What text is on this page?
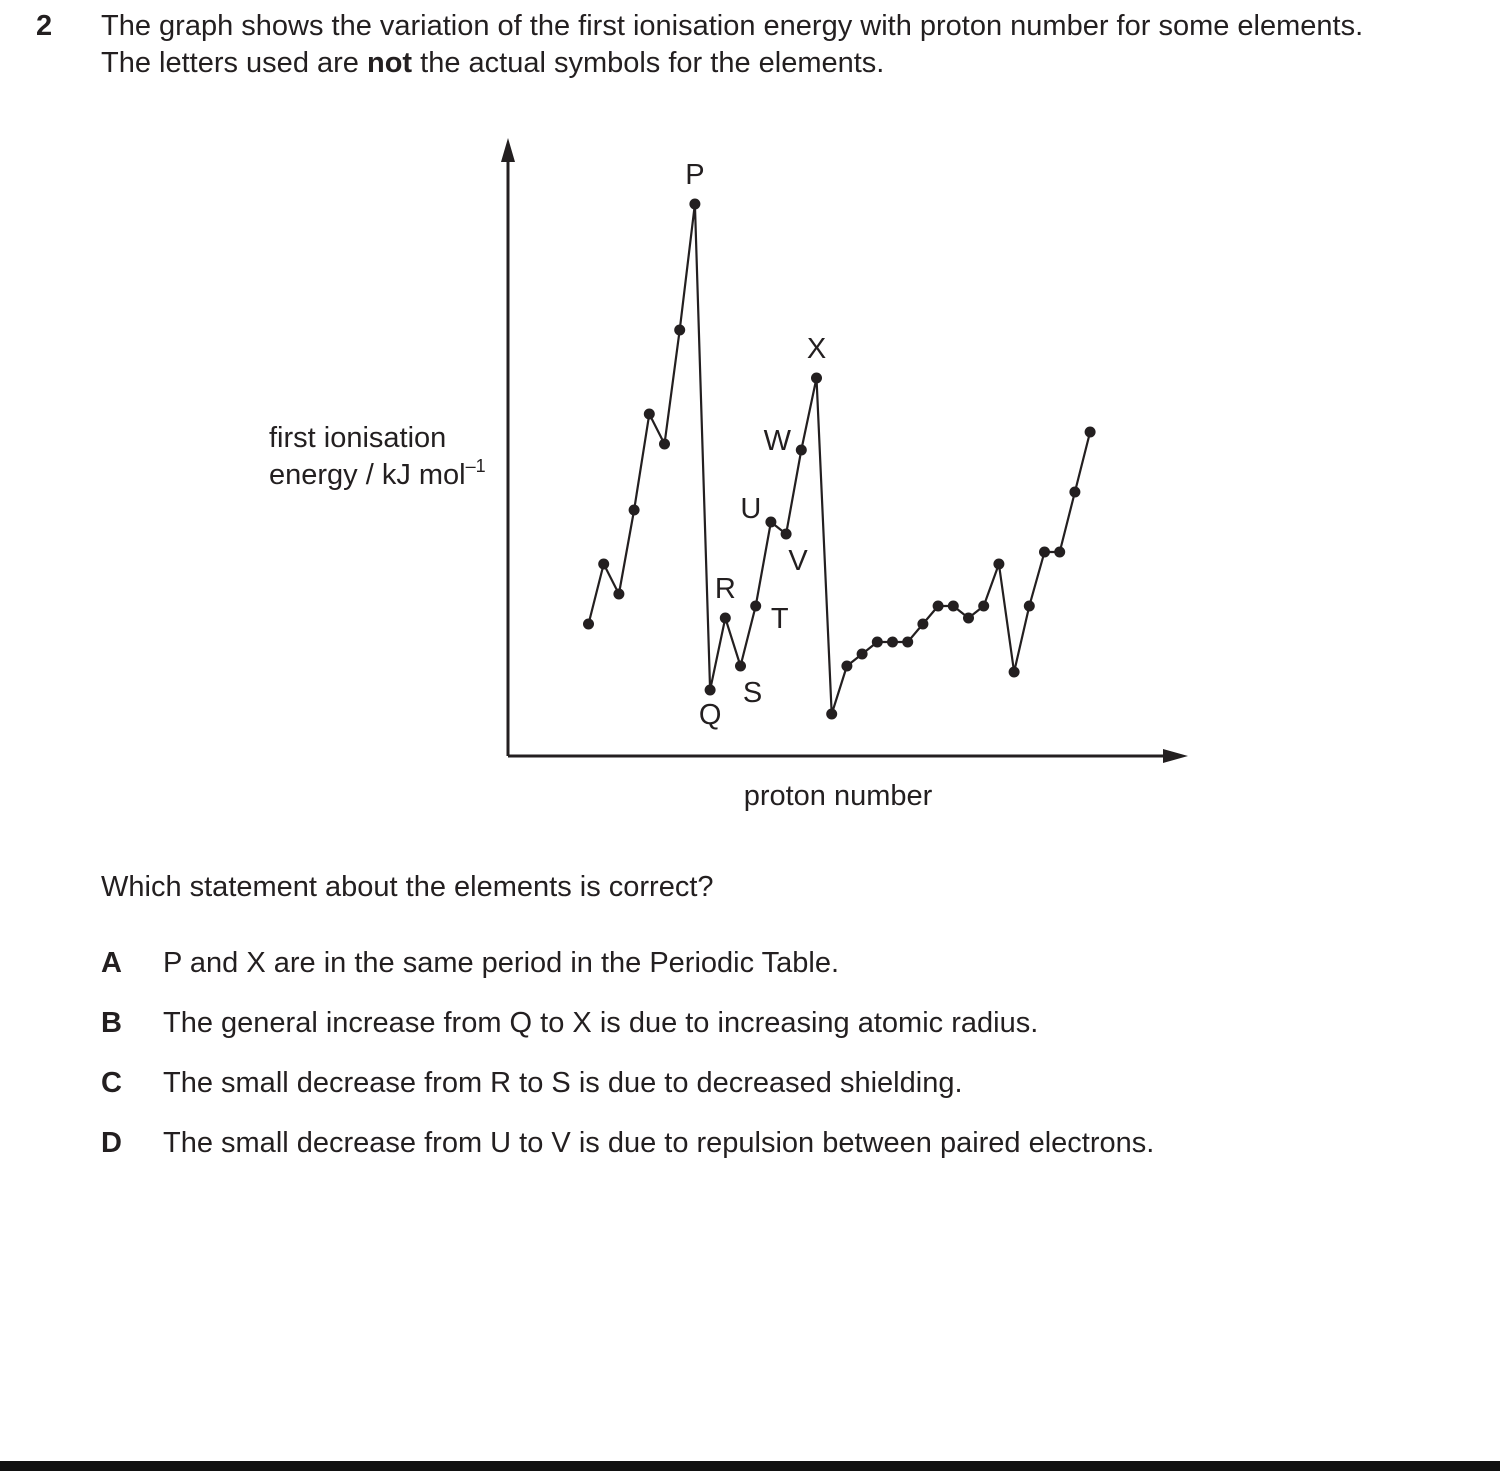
2 The graph shows the variation of the first ionisation energy with proton number for some elements.
The letters used are not the actual symbols for the elements.
first ionisation
energy / kJ mol$^{-1}$
proton number
P
Q
R
S
T
U
V
W
X
Which statement about the elements is correct?
A P and X are in the same period in the Periodic Table.
B The general increase from Q to X is due to increasing atomic radius.
C The small decrease from R to S is due to decreased shielding.
D The small decrease from U to V is due to repulsion between paired electrons.
